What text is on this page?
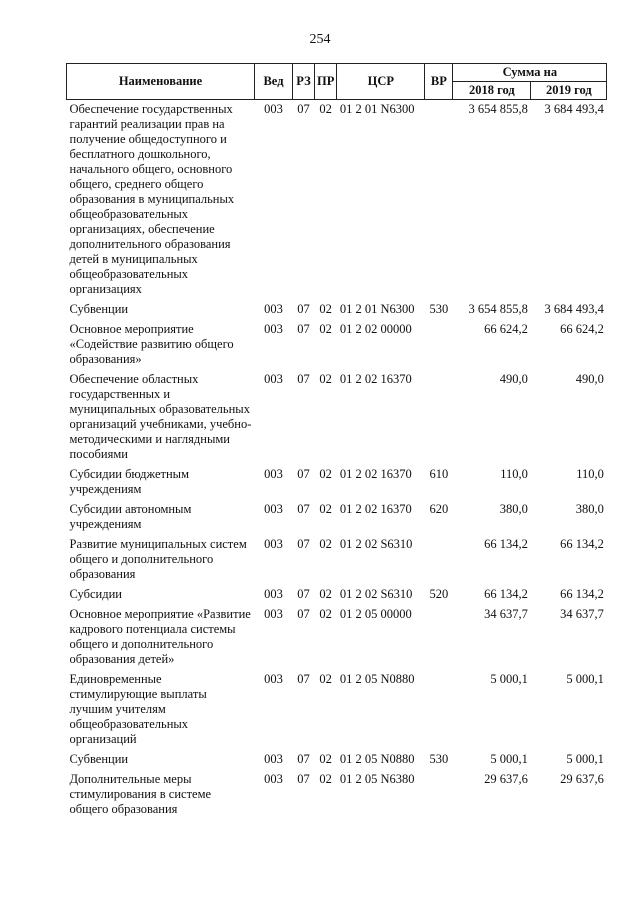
254
Наименование	Вед	РЗ	ПР	ЦСР	ВР	Сумма на	
						2018 год	2019 год
Обеспечение государственных гарантий реализации прав на получение общедоступного и бесплатного дошкольного, начального общего, основного общего, среднего общего образования в муниципальных общеобразовательных организациях, обеспечение дополнительного образования детей в муниципальных общеобразовательных организациях	003	07	02	01 2 01 N6300		3 654 855,8	3 684 493,4
Субвенции	003	07	02	01 2 01 N6300	530	3 654 855,8	3 684 493,4
Основное мероприятие «Содействие развитию общего образования»	003	07	02	01 2 02 00000		66 624,2	66 624,2
Обеспечение областных государственных и муниципальных образовательных организаций учебниками, учебно-методическими и наглядными пособиями	003	07	02	01 2 02 16370		490,0	490,0
Субсидии бюджетным учреждениям	003	07	02	01 2 02 16370	610	110,0	110,0
Субсидии автономным учреждениям	003	07	02	01 2 02 16370	620	380,0	380,0
Развитие муниципальных систем общего и дополнительного образования	003	07	02	01 2 02 S6310		66 134,2	66 134,2
Субсидии	003	07	02	01 2 02 S6310	520	66 134,2	66 134,2
Основное мероприятие «Развитие кадрового потенциала системы общего и дополнительного образования детей»	003	07	02	01 2 05 00000		34 637,7	34 637,7
Единовременные стимулирующие выплаты лучшим учителям общеобразовательных организаций	003	07	02	01 2 05 N0880		5 000,1	5 000,1
Субвенции	003	07	02	01 2 05 N0880	530	5 000,1	5 000,1
Дополнительные меры стимулирования в системе общего образования	003	07	02	01 2 05 N6380		29 637,6	29 637,6
